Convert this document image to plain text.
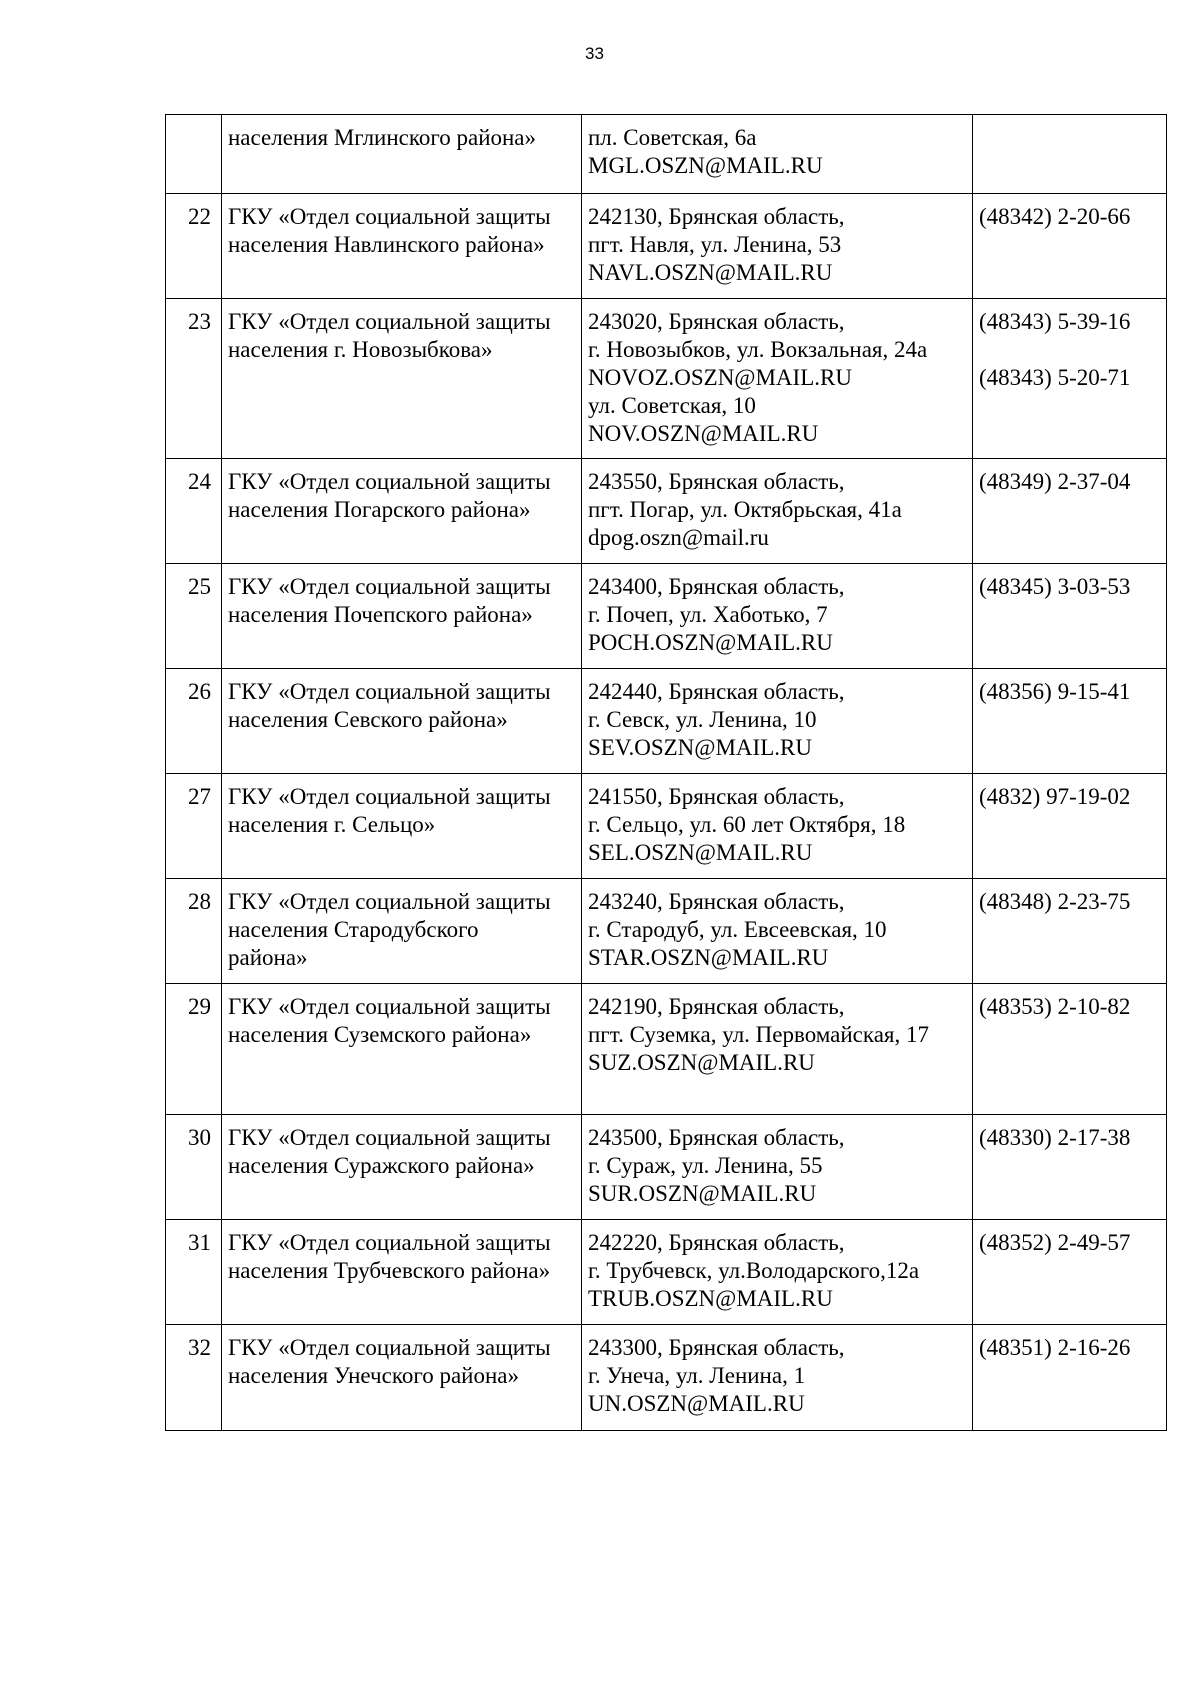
33

	населения Мглинского района»	пл. Советская, 6а
MGL.OSZN@MAIL.RU	

22	ГКУ «Отдел социальной защиты
населения Навлинского района»	242130, Брянская область,
пгт. Навля, ул. Ленина, 53
NAVL.OSZN@MAIL.RU	(48342) 2-20-66

23	ГКУ «Отдел социальной защиты
населения г. Новозыбкова»	243020, Брянская область,
г. Новозыбков, ул. Вокзальная, 24а
NOVOZ.OSZN@MAIL.RU
ул. Советская, 10
NOV.OSZN@MAIL.RU	(48343) 5-39-16
(48343) 5-20-71

24	ГКУ «Отдел социальной защиты
населения Погарского района»	243550, Брянская область,
пгт. Погар, ул. Октябрьская, 41а
dpog.oszn@mail.ru	(48349) 2-37-04

25	ГКУ «Отдел социальной защиты
населения Почепского района»	243400, Брянская область,
г. Почеп, ул. Хаботько, 7
POCH.OSZN@MAIL.RU	(48345) 3-03-53

26	ГКУ «Отдел социальной защиты
населения Севского района»	242440, Брянская область,
г. Севск, ул. Ленина, 10
SEV.OSZN@MAIL.RU	(48356) 9-15-41

27	ГКУ «Отдел социальной защиты
населения г. Сельцо»	241550, Брянская область,
г. Сельцо, ул. 60 лет Октября, 18
SEL.OSZN@MAIL.RU	(4832) 97-19-02

28	ГКУ «Отдел социальной защиты
населения Стародубского
района»	243240, Брянская область,
г. Стародуб, ул. Евсеевская, 10
STAR.OSZN@MAIL.RU	(48348) 2-23-75

29	ГКУ «Отдел социальной защиты
населения Суземского района»	242190, Брянская область,
пгт. Суземка, ул. Первомайская, 17
SUZ.OSZN@MAIL.RU	(48353) 2-10-82

30	ГКУ «Отдел социальной защиты
населения Суражского района»	243500, Брянская область,
г. Сураж, ул. Ленина, 55
SUR.OSZN@MAIL.RU	(48330) 2-17-38

31	ГКУ «Отдел социальной защиты
населения Трубчевского района»	242220, Брянская область,
г. Трубчевск, ул.Володарского,12а
TRUB.OSZN@MAIL.RU	(48352) 2-49-57

32	ГКУ «Отдел социальной защиты
населения Унечского района»	243300, Брянская область,
г. Унеча, ул. Ленина, 1
UN.OSZN@MAIL.RU	(48351) 2-16-26
